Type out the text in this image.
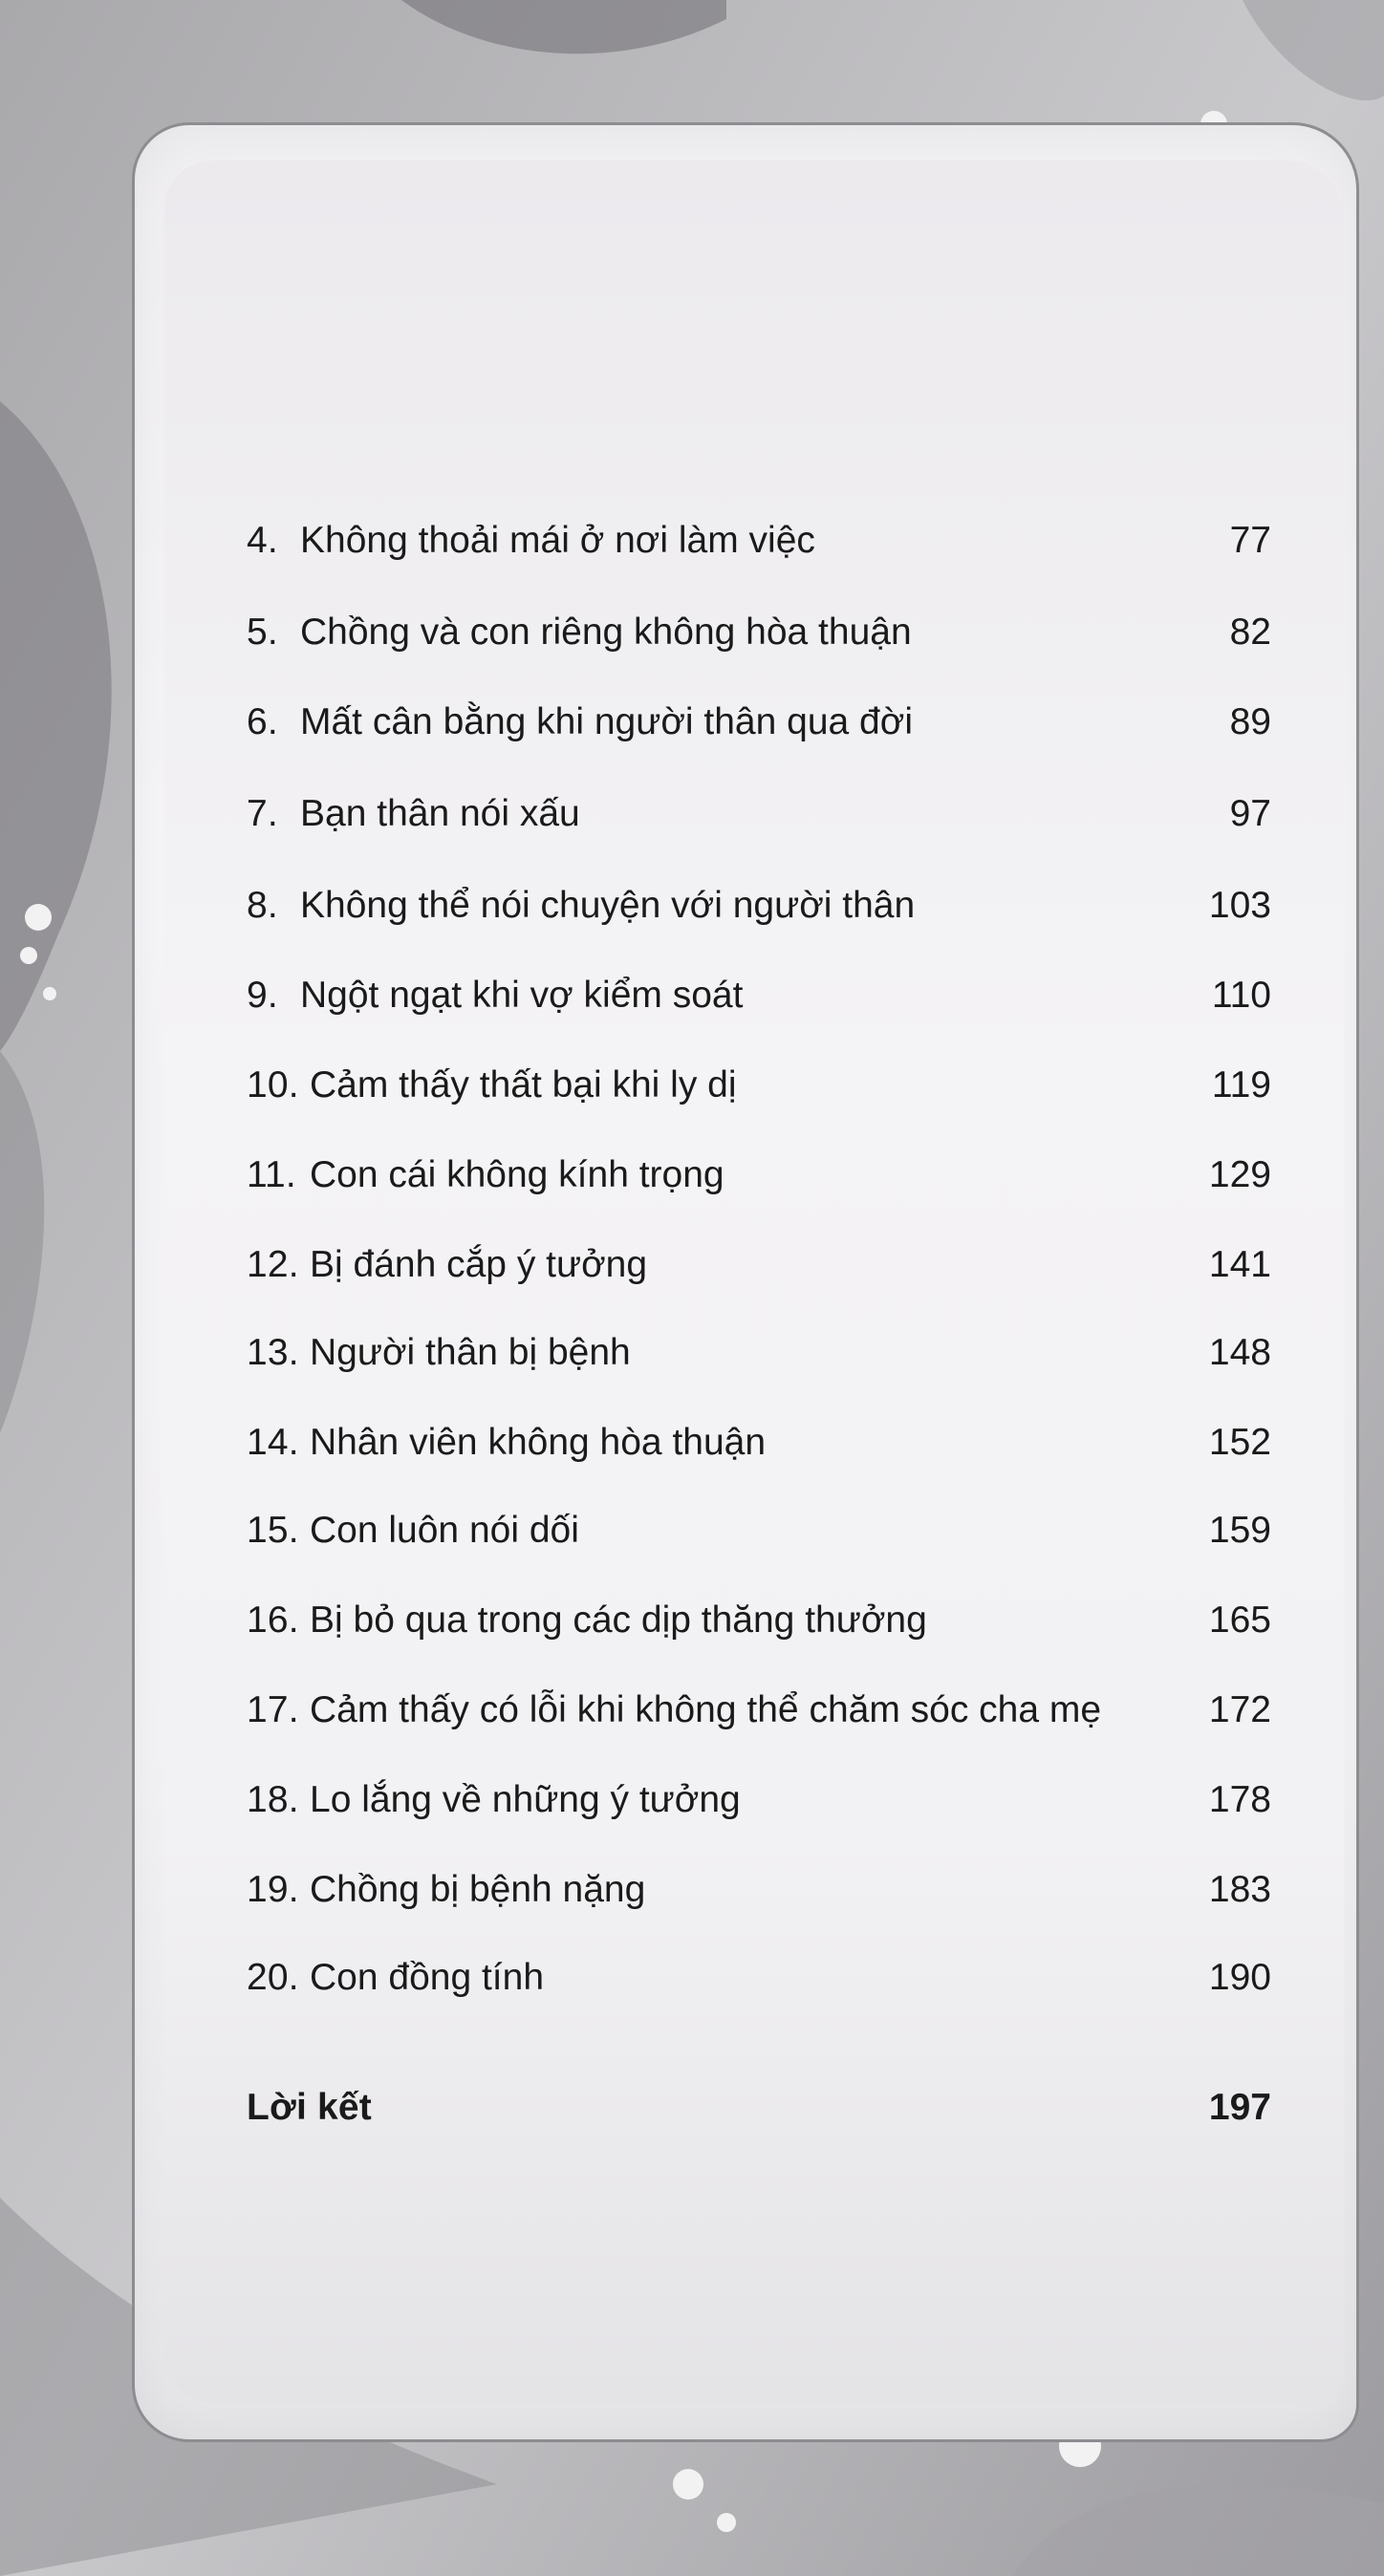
4. Không thoải mái ở nơi làm việc	77
5. Chồng và con riêng không hòa thuận	82
6. Mất cân bằng khi người thân qua đời	89
7. Bạn thân nói xấu	97
8. Không thể nói chuyện với người thân	103
9. Ngột ngạt khi vợ kiểm soát	110
10. Cảm thấy thất bại khi ly dị	119
11. Con cái không kính trọng	129
12. Bị đánh cắp ý tưởng	141
13. Người thân bị bệnh	148
14. Nhân viên không hòa thuận	152
15. Con luôn nói dối	159
16. Bị bỏ qua trong các dịp thăng thưởng	165
17. Cảm thấy có lỗi khi không thể chăm sóc cha mẹ	172
18. Lo lắng về những ý tưởng	178
19. Chồng bị bệnh nặng	183
20. Con đồng tính	190
Lời kết	197
